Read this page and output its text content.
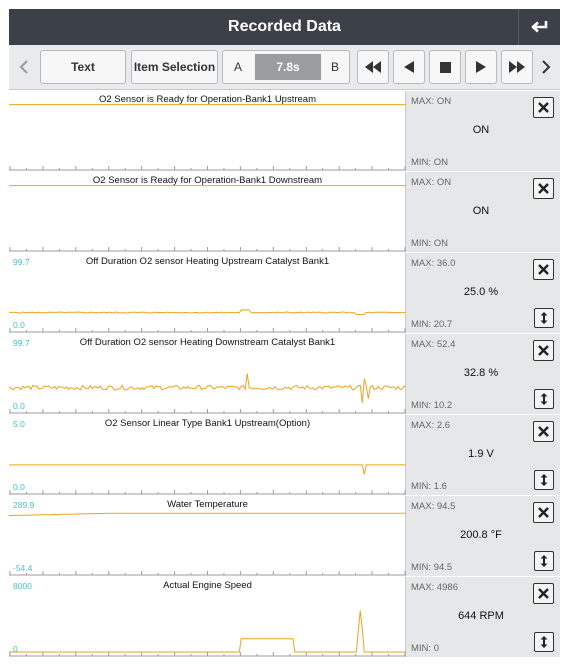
Recorded Data
Text	Item Selection	A	7.8s	B
O2 Sensor is Ready for Operation-Bank1 Upstream	MAX: ON
ON
MIN: ON
O2 Sensor is Ready for Operation-Bank1 Downstream	MAX: ON
ON
MIN: ON
Off Duration O2 sensor Heating Upstream Catalyst Bank1
99.7
0.0
MAX: 36.0
25.0 %
MIN: 20.7
Off Duration O2 sensor Heating Downstream Catalyst Bank1
99.7
0.0
MAX: 52.4
32.8 %
MIN: 10.2
O2 Sensor Linear Type Bank1 Upstream(Option)
5.0
0.0
MAX: 2.6
1.9 V
MIN: 1.6
Water Temperature
289.9
-54.4
MAX: 94.5
200.8 °F
MIN: 94.5
Actual Engine Speed
8000
0
MAX: 4986
644 RPM
MIN: 0
